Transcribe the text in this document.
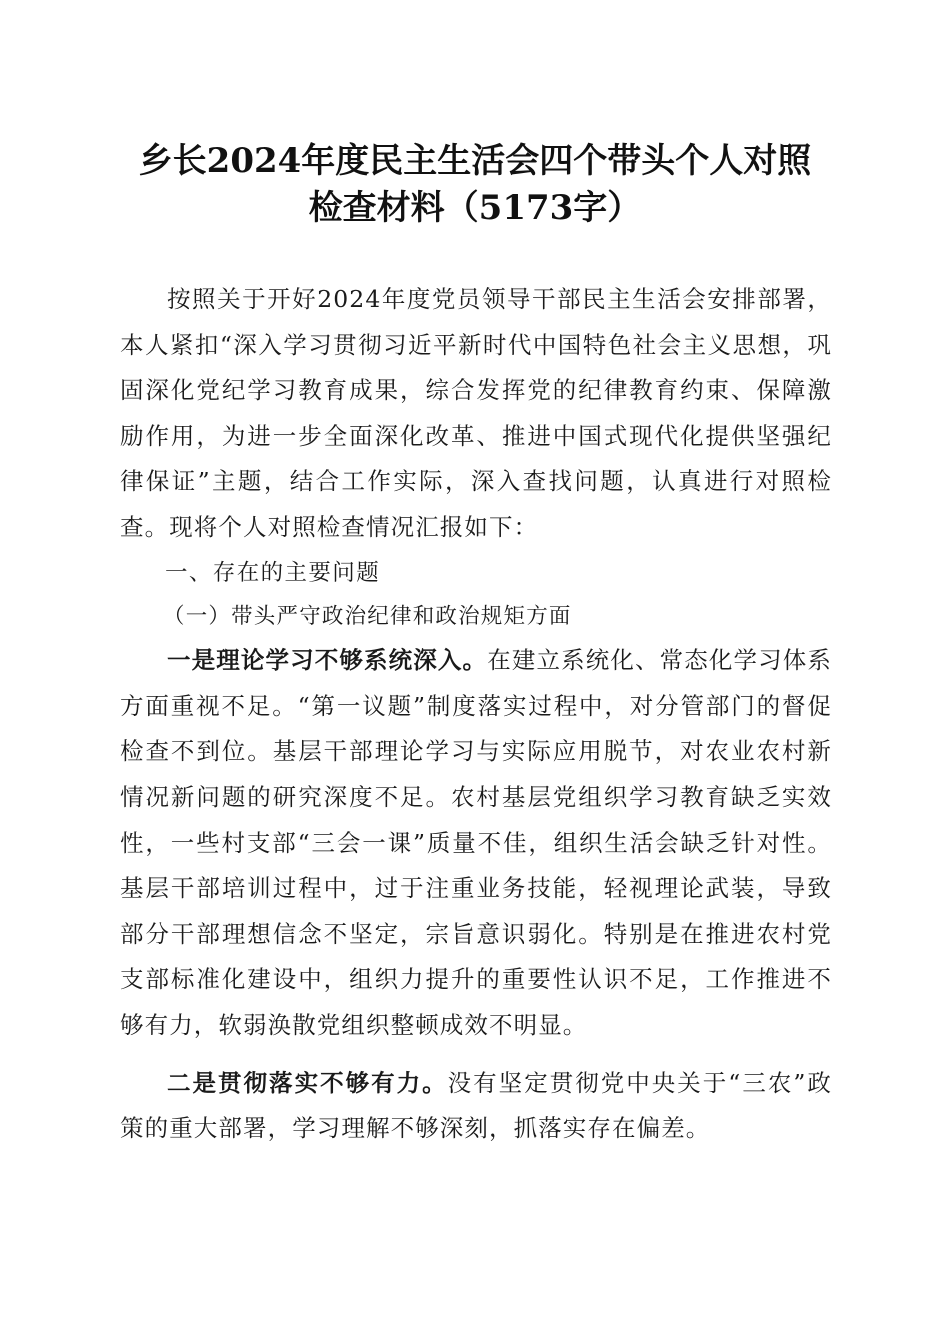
乡长2024年度民主生活会四个带头个人对照
检查材料（5173字）

按照关于开好2024年度党员领导干部民主生活会安排部署，本人紧扣“深入学习贯彻习近平新时代中国特色社会主义思想，巩固深化党纪学习教育成果，综合发挥党的纪律教育约束、保障激励作用，为进一步全面深化改革、推进中国式现代化提供坚强纪律保证”主题，结合工作实际，深入查找问题，认真进行对照检查。现将个人对照检查情况汇报如下：

一、存在的主要问题

（一）带头严守政治纪律和政治规矩方面

一是理论学习不够系统深入。在建立系统化、常态化学习体系方面重视不足。“第一议题”制度落实过程中，对分管部门的督促检查不到位。基层干部理论学习与实际应用脱节，对农业农村新情况新问题的研究深度不足。农村基层党组织学习教育缺乏实效性，一些村支部“三会一课”质量不佳，组织生活会缺乏针对性。基层干部培训过程中，过于注重业务技能，轻视理论武装，导致部分干部理想信念不坚定，宗旨意识弱化。特别是在推进农村党支部标准化建设中，组织力提升的重要性认识不足，工作推进不够有力，软弱涣散党组织整顿成效不明显。

二是贯彻落实不够有力。没有坚定贯彻党中央关于“三农”政策的重大部署，学习理解不够深刻，抓落实存在偏差。
